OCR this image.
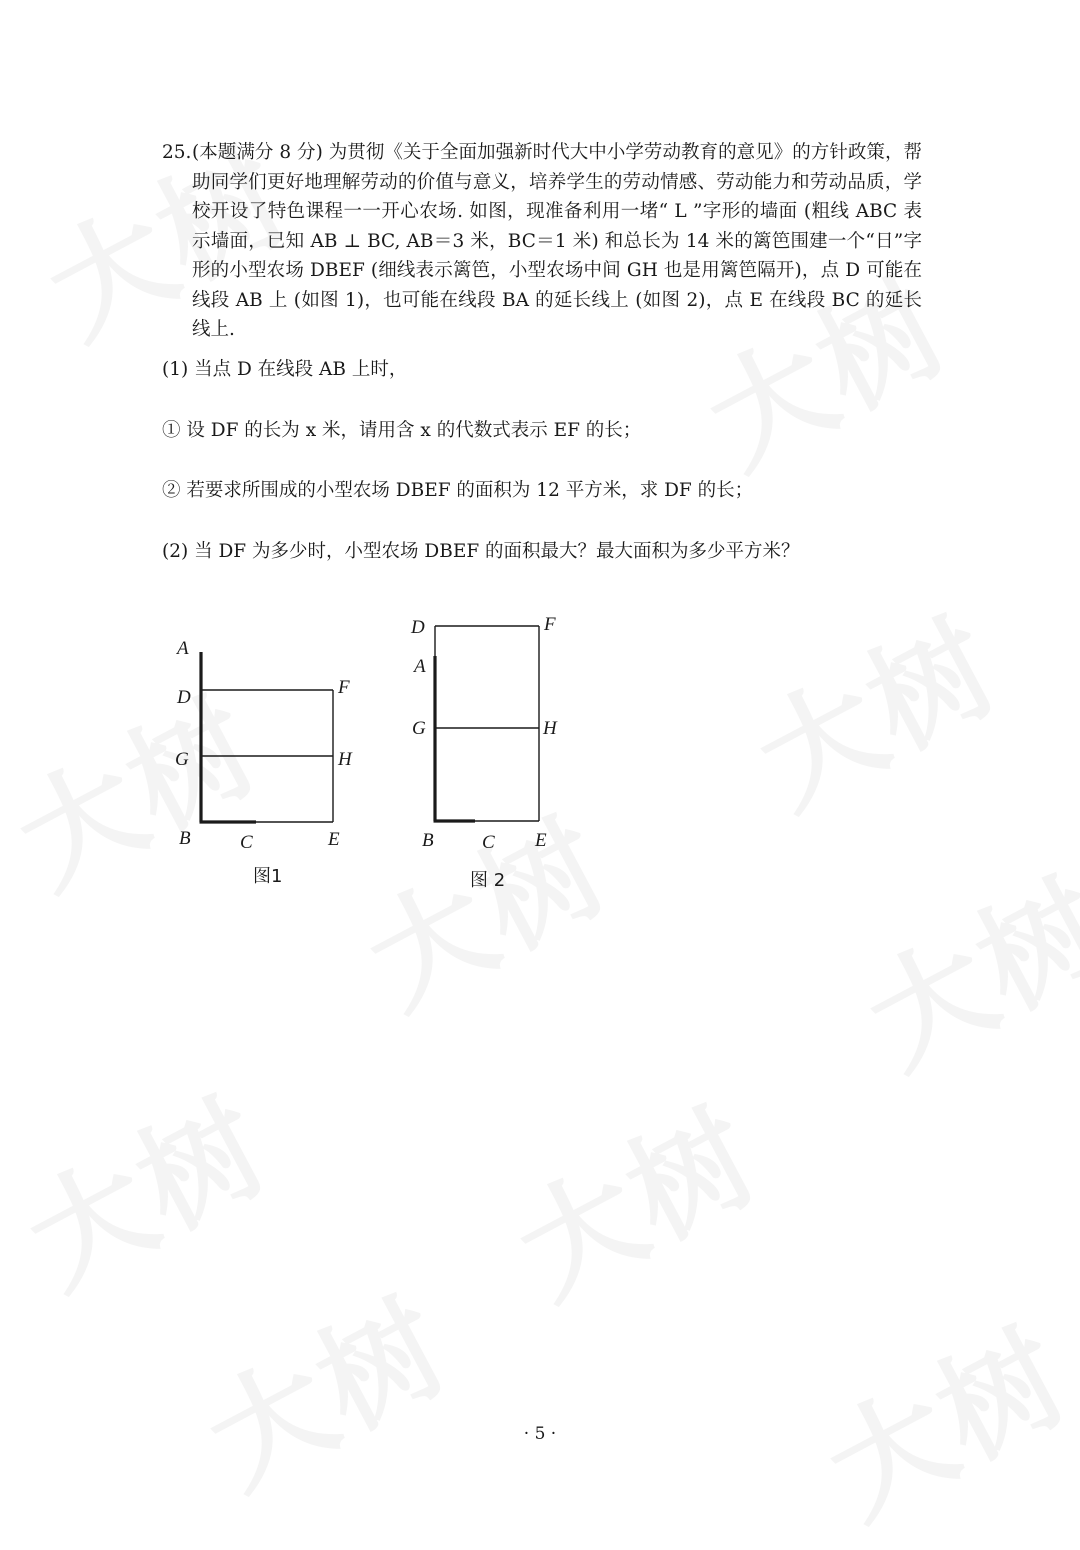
25. (本题满分 8 分) 为贯彻《关于全面加强新时代大中小学劳动教育的意见》的方针政策，帮助同学们更好地理解劳动的价值与意义，培养学生的劳动情感、劳动能力和劳动品质，学校开设了特色课程一一开心农场. 如图，现准备利用一堵“ L ”字形的墙面 (粗线 ABC 表示墙面，已知 AB ⊥ BC, AB＝3 米，BC＝1 米) 和总长为 14 米的篱笆围建一个“日”字形的小型农场 DBEF (细线表示篱笆，小型农场中间 GH 也是用篱笆隔开)，点 D 可能在线段 AB 上 (如图 1)，也可能在线段 BA 的延长线上 (如图 2)，点 E 在线段 BC 的延长线上.
(1) 当点 D 在线段 AB 上时，
① 设 DF 的长为 x 米，请用含 x 的代数式表示 EF 的长；
② 若要求所围成的小型农场 DBEF 的面积为 12 平方米，求 DF 的长；
(2) 当 DF 为多少时，小型农场 DBEF 的面积最大？最大面积为多少平方米？
A
D	F
G	H
B	C	E
图1
D	F
A
G	H
B	C E
图 2
· 5 ·
